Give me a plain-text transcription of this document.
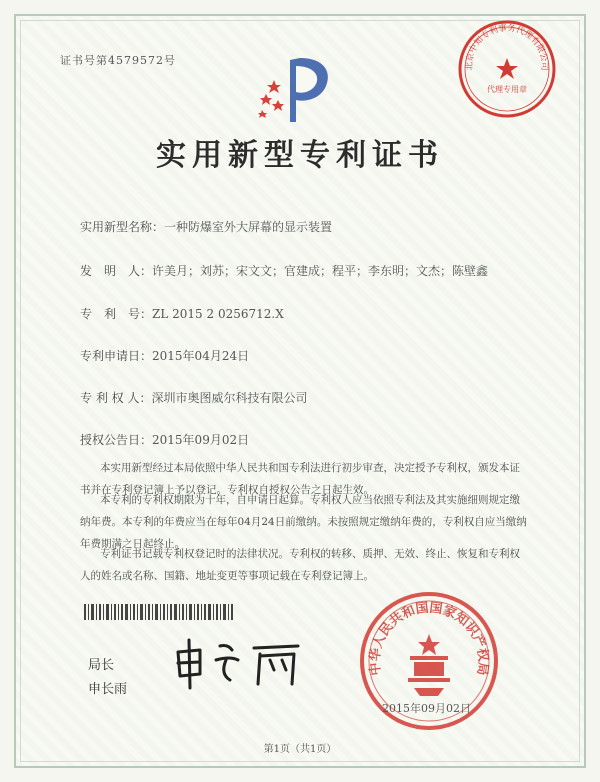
证书号第4579572号
实用新型专利证书
实用新型名称：一种防爆室外大屏幕的显示装置
发　明　人：许美月；刘苏；宋文文；官建成；程平；李东明；文杰；陈壁鑫
专　利　号：ZL 2015 2 0256712.X
专利申请日：2015年04月24日
专 利 权 人：深圳市奥图威尔科技有限公司
授权公告日：2015年09月02日
本实用新型经过本局依照中华人民共和国专利法进行初步审查，决定授予专利权，颁发本证书并在专利登记簿上予以登记。专利权自授权公告之日起生效。
本专利的专利权期限为十年，自申请日起算。专利权人应当依照专利法及其实施细则规定缴纳年费。本专利的年费应当在每年04月24日前缴纳。未按照规定缴纳年费的，专利权自应当缴纳年费期满之日起终止。
专利证书记载专利权登记时的法律状况。专利权的转移、质押、无效、终止、恢复和专利权人的姓名或名称、国籍、地址变更等事项记载在专利登记簿上。
局长
申长雨
北京中知专利事务代理有限公司
代理专用章
中华人民共和国国家知识产权局
2015年09月02日
第1页（共1页）
